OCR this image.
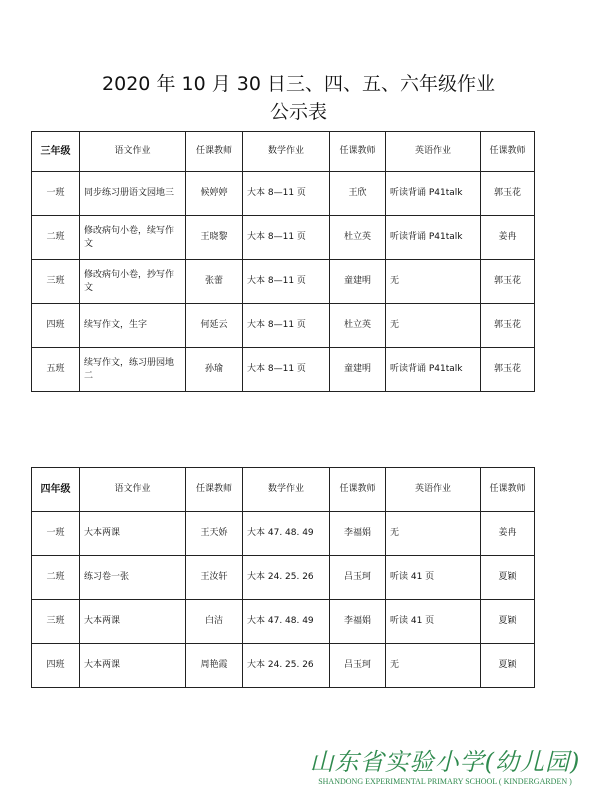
2020 年 10 月 30 日三、四、五、六年级作业
公示表
三年级	语文作业	任课教师	数学作业	任课教师	英语作业	任课教师
一班	同步练习册语文园地三	候婷婷	大本 8—11 页	王欣	听读背诵 P41talk	郭玉花
二班	修改病句小卷，续写作文	王晓黎	大本 8—11 页	杜立英	听读背诵 P41talk	姜冉
三班	修改病句小卷，抄写作文	张蕾	大本 8—11 页	童建明	无	郭玉花
四班	续写作文，生字	何延云	大本 8—11 页	杜立英	无	郭玉花
五班	续写作文，练习册园地二	孙瑜	大本 8—11 页	童建明	听读背诵 P41talk	郭玉花
四年级	语文作业	任课教师	数学作业	任课教师	英语作业	任课教师
一班	大本两课	王天娇	大本 47. 48. 49	李福娟	无	姜冉
二班	练习卷一张	王汝轩	大本 24. 25. 26	吕玉珂	听读 41 页	夏颖
三班	大本两课	白洁	大本 47. 48. 49	李福娟	听读 41 页	夏颖
四班	大本两课	周艳霞	大本 24. 25. 26	吕玉珂	无	夏颖
山东省实验小学(幼儿园)
SHANDONG EXPERIMENTAL PRIMARY SCHOOL ( KINDERGARDEN )
